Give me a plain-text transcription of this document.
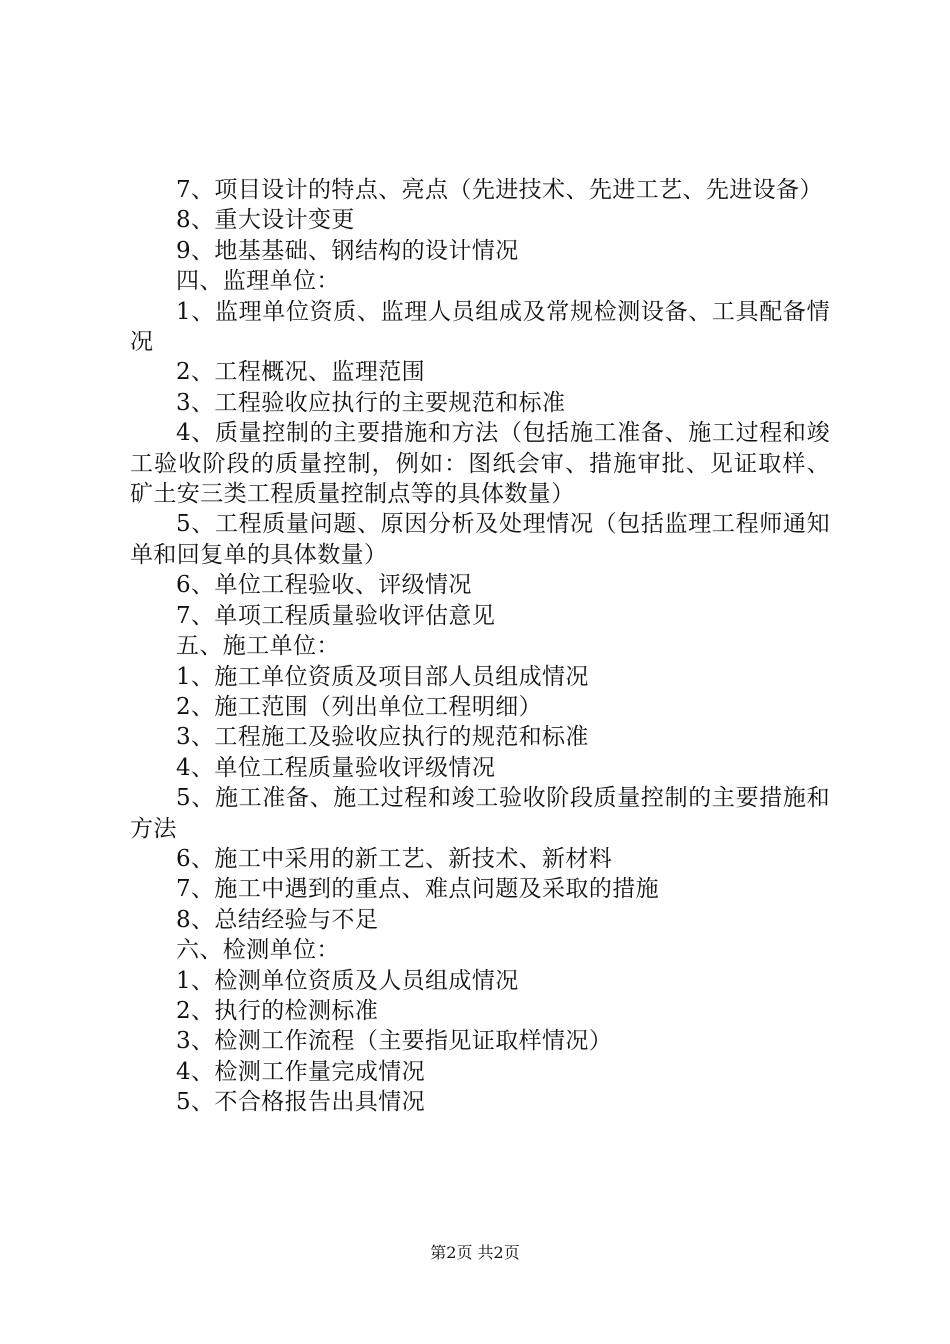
7、项目设计的特点、亮点（先进技术、先进工艺、先进设备）

8、重大设计变更

9、地基基础、钢结构的设计情况

四、监理单位：

1、监理单位资质、监理人员组成及常规检测设备、工具配备情况

2、工程概况、监理范围

3、工程验收应执行的主要规范和标准

4、质量控制的主要措施和方法（包括施工准备、施工过程和竣工验收阶段的质量控制，例如：图纸会审、措施审批、见证取样、矿土安三类工程质量控制点等的具体数量）

5、工程质量问题、原因分析及处理情况（包括监理工程师通知单和回复单的具体数量）

6、单位工程验收、评级情况

7、单项工程质量验收评估意见

五、施工单位：

1、施工单位资质及项目部人员组成情况

2、施工范围（列出单位工程明细）

3、工程施工及验收应执行的规范和标准

4、单位工程质量验收评级情况

5、施工准备、施工过程和竣工验收阶段质量控制的主要措施和方法

6、施工中采用的新工艺、新技术、新材料

7、施工中遇到的重点、难点问题及采取的措施

8、总结经验与不足

六、检测单位：

1、检测单位资质及人员组成情况

2、执行的检测标准

3、检测工作流程（主要指见证取样情况）

4、检测工作量完成情况

5、不合格报告出具情况

第2页 共2页
